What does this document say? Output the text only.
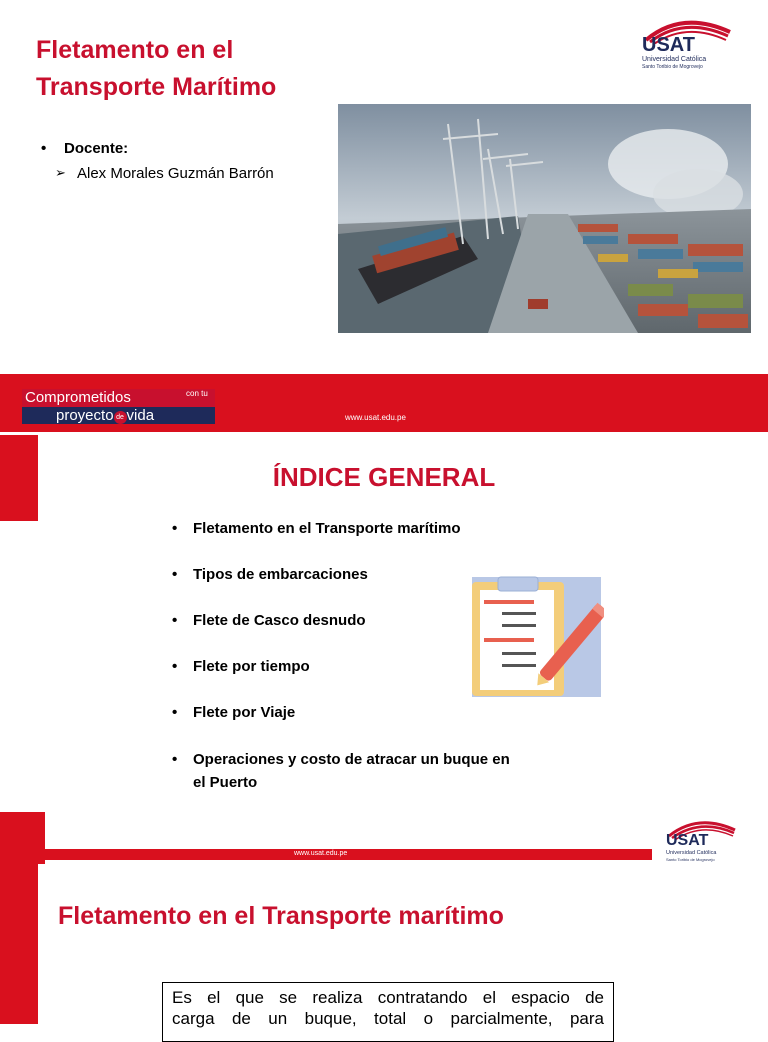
Fletamento en el
Transporte Marítimo
USAT
Universidad Católica
Santo Toribio de Mogrovejo
• Docente:
➢ Alex Morales Guzmán Barrón
Comprometidos	con tu
proyecto de vida	www.usat.edu.pe
ÍNDICE GENERAL
• Fletamento en el Transporte marítimo
• Tipos de embarcaciones
• Flete de Casco desnudo
• Flete por tiempo
• Flete por Viaje
• Operaciones y costo de atracar un buque en
el Puerto
www.usat.edu.pe
USAT
Universidad Católica
Santo Toribio de Mogrovejo
Fletamento en el Transporte marítimo
Es el que se realiza contratando el espacio de
carga de un buque, total o parcialmente, para
